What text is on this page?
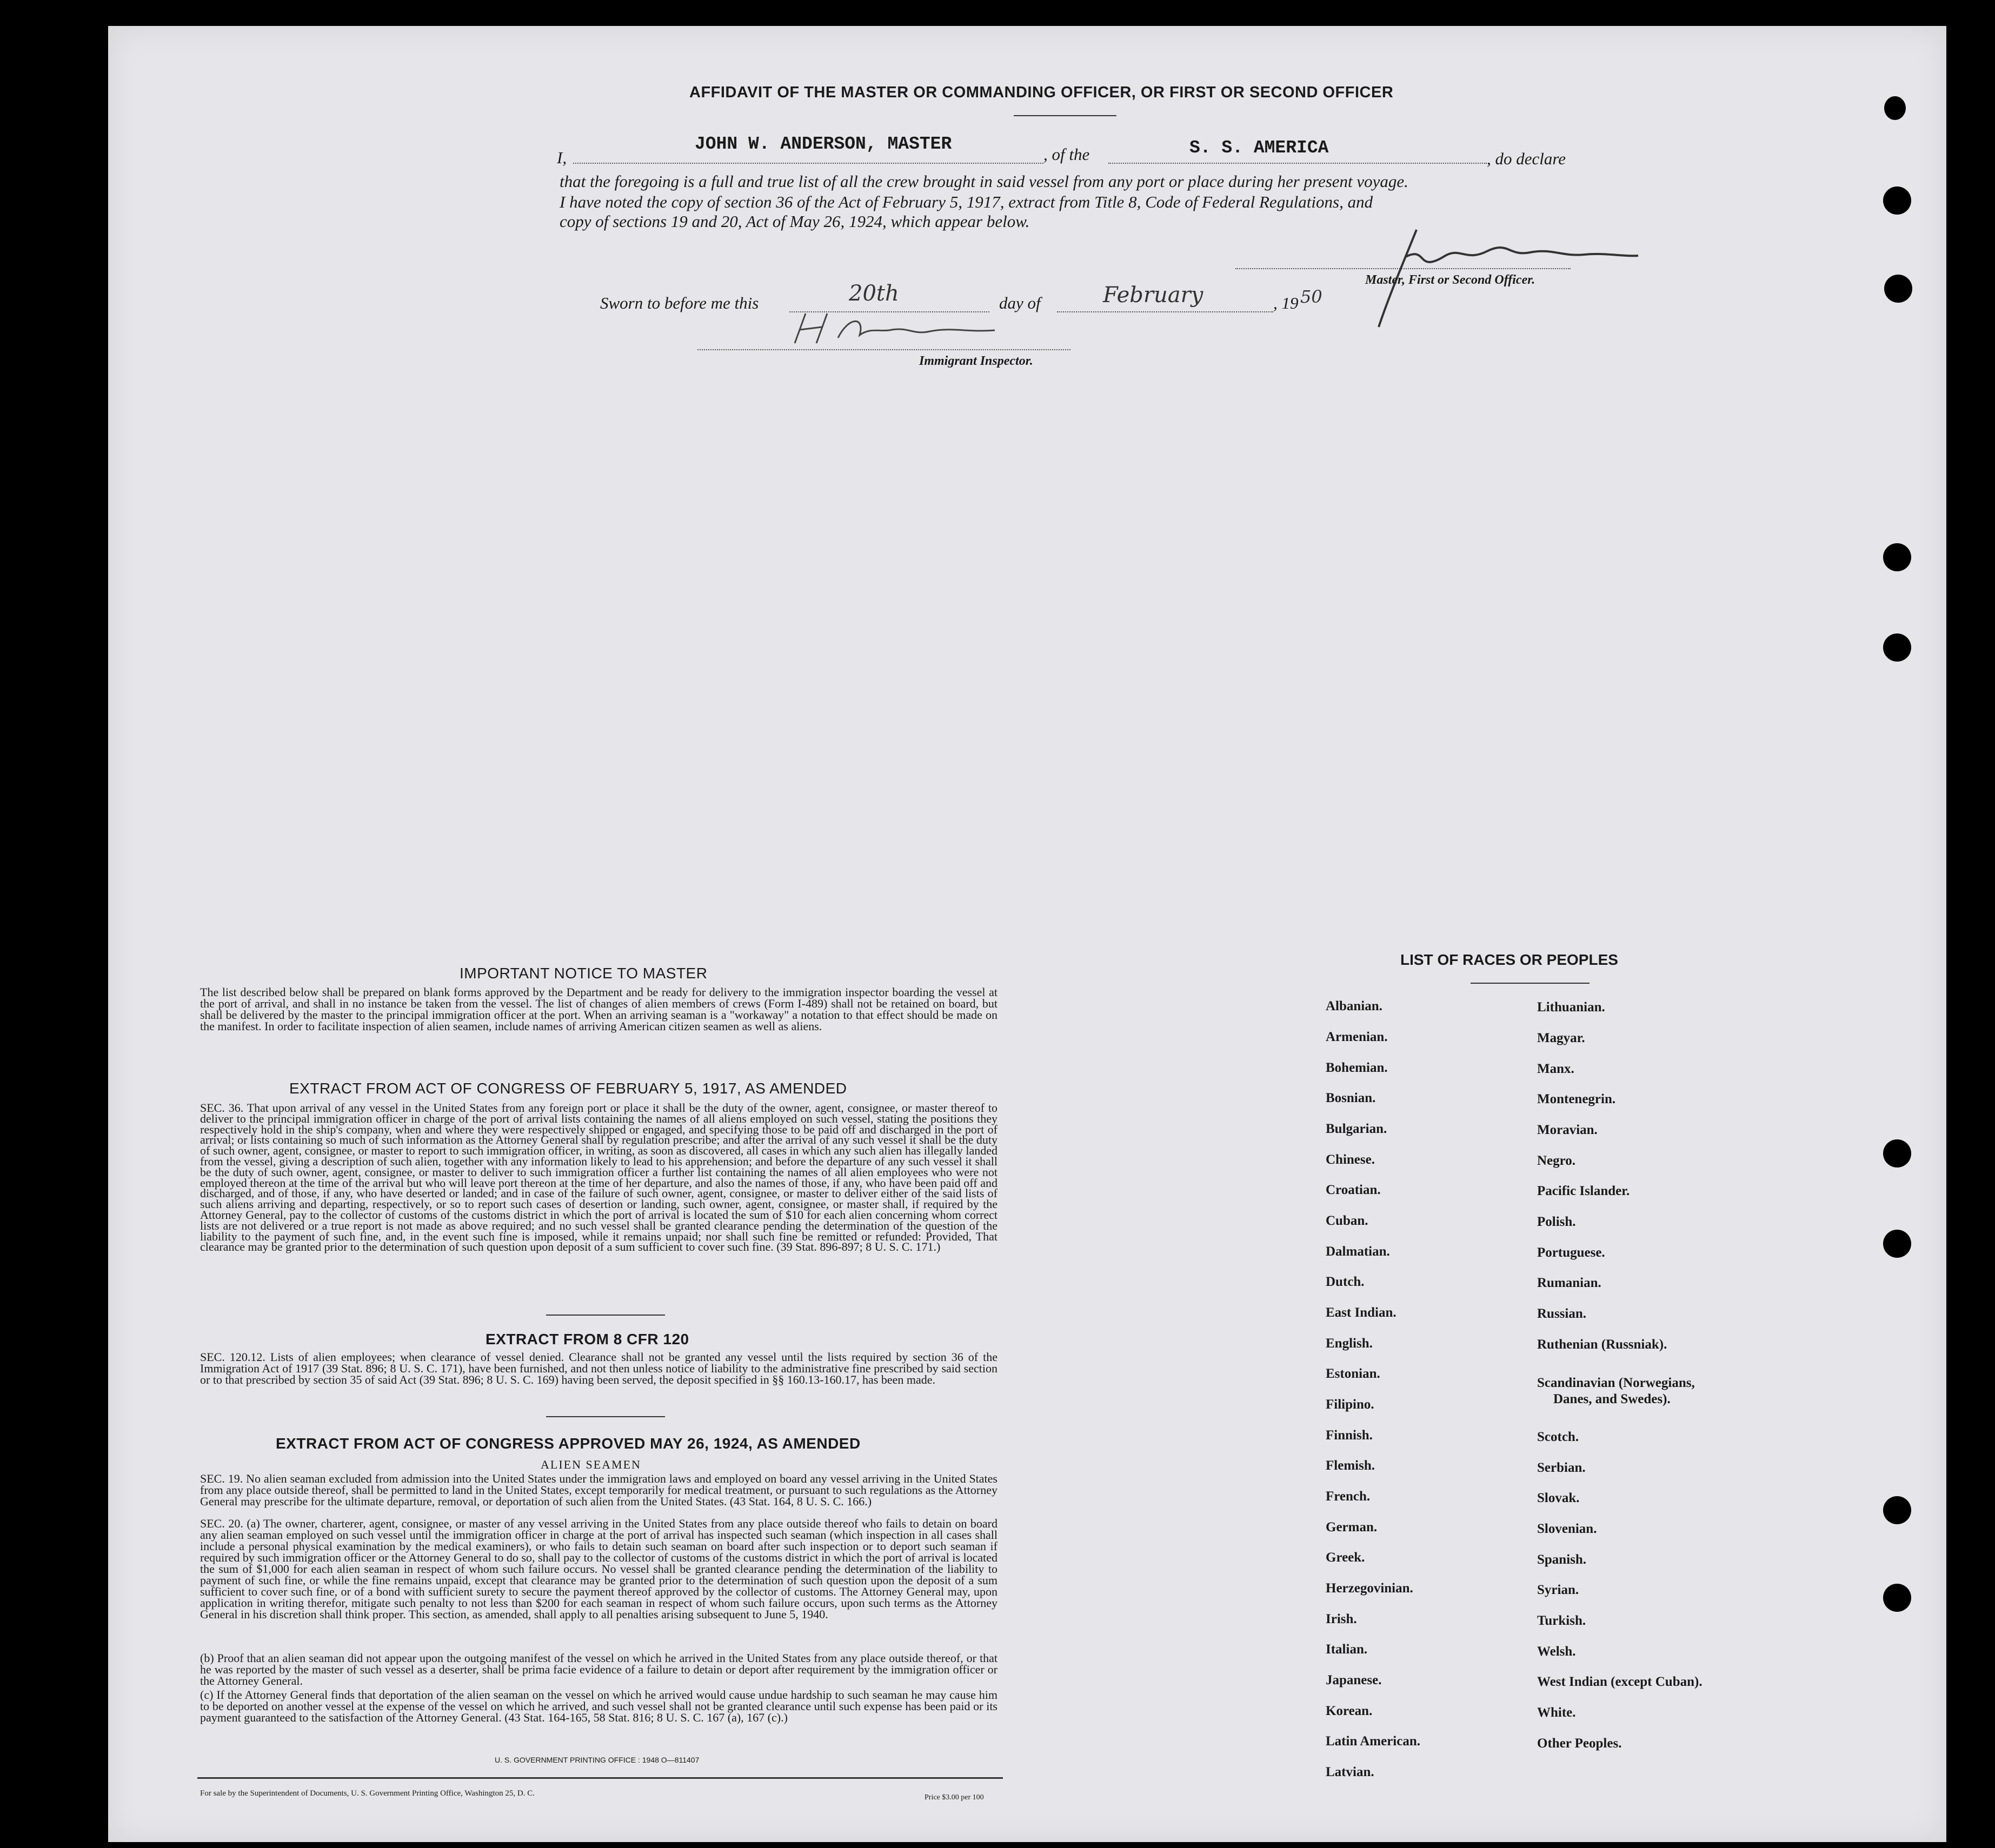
AFFIDAVIT OF THE MASTER OR COMMANDING OFFICER, OR FIRST OR SECOND OFFICER
I,
JOHN W. ANDERSON, MASTER
, of the	S. S. AMERICA
, do declare
that the foregoing is a full and true list of all the crew brought in said vessel from any port or place during her present voyage.
I have noted the copy of section 36 of the Act of February 5, 1917, extract from Title 8, Code of Federal Regulations, and
copy of sections 19 and 20, Act of May 26, 1924, which appear below.
Master, First or Second Officer.
Sworn to before me this	20th	day of	February	, 19 50
Immigrant Inspector.
IMPORTANT NOTICE TO MASTER
The list described below shall be prepared on blank forms approved by the Department and be ready for delivery to the immigration inspector boarding the vessel at the port of arrival, and shall in no instance be taken from the vessel. The list of changes of alien members of crews (Form I-489) shall not be retained on board, but shall be delivered by the master to the principal immigration officer at the port. When an arriving seaman is a "workaway" a notation to that effect should be made on the manifest. In order to facilitate inspection of alien seamen, include names of arriving American citizen seamen as well as aliens.
EXTRACT FROM ACT OF CONGRESS OF FEBRUARY 5, 1917, AS AMENDED
SEC. 36. That upon arrival of any vessel in the United States from any foreign port or place it shall be the duty of the owner, agent, consignee, or master thereof to deliver to the principal immigration officer in charge of the port of arrival lists containing the names of all aliens employed on such vessel, stating the positions they respectively hold in the ship's company, when and where they were respectively shipped or engaged, and specifying those to be paid off and discharged in the port of arrival; or lists containing so much of such information as the Attorney General shall by regulation prescribe; and after the arrival of any such vessel it shall be the duty of such owner, agent, consignee, or master to report to such immigration officer, in writing, as soon as discovered, all cases in which any such alien has illegally landed from the vessel, giving a description of such alien, together with any information likely to lead to his apprehension; and before the departure of any such vessel it shall be the duty of such owner, agent, consignee, or master to deliver to such immigration officer a further list containing the names of all alien employees who were not employed thereon at the time of the arrival but who will leave port thereon at the time of her departure, and also the names of those, if any, who have been paid off and discharged, and of those, if any, who have deserted or landed; and in case of the failure of such owner, agent, consignee, or master to deliver either of the said lists of such aliens arriving and departing, respectively, or so to report such cases of desertion or landing, such owner, agent, consignee, or master shall, if required by the Attorney General, pay to the collector of customs of the customs district in which the port of arrival is located the sum of $10 for each alien concerning whom correct lists are not delivered or a true report is not made as above required; and no such vessel shall be granted clearance pending the determination of the question of the liability to the payment of such fine, and, in the event such fine is imposed, while it remains unpaid; nor shall such fine be remitted or refunded: Provided, That clearance may be granted prior to the determination of such question upon deposit of a sum sufficient to cover such fine. (39 Stat. 896-897; 8 U. S. C. 171.)
EXTRACT FROM 8 CFR 120
SEC. 120.12. Lists of alien employees; when clearance of vessel denied. Clearance shall not be granted any vessel until the lists required by section 36 of the Immigration Act of 1917 (39 Stat. 896; 8 U. S. C. 171), have been furnished, and not then unless notice of liability to the administrative fine prescribed by said section or to that prescribed by section 35 of said Act (39 Stat. 896; 8 U. S. C. 169) having been served, the deposit specified in §§ 160.13-160.17, has been made.
EXTRACT FROM ACT OF CONGRESS APPROVED MAY 26, 1924, AS AMENDED
ALIEN SEAMEN
SEC. 19. No alien seaman excluded from admission into the United States under the immigration laws and employed on board any vessel arriving in the United States from any place outside thereof, shall be permitted to land in the United States, except temporarily for medical treatment, or pursuant to such regulations as the Attorney General may prescribe for the ultimate departure, removal, or deportation of such alien from the United States. (43 Stat. 164, 8 U. S. C. 166.)
SEC. 20. (a) The owner, charterer, agent, consignee, or master of any vessel arriving in the United States from any place outside thereof who fails to detain on board any alien seaman employed on such vessel until the immigration officer in charge at the port of arrival has inspected such seaman (which inspection in all cases shall include a personal physical examination by the medical examiners), or who fails to detain such seaman on board after such inspection or to deport such seaman if required by such immigration officer or the Attorney General to do so, shall pay to the collector of customs of the customs district in which the port of arrival is located the sum of $1,000 for each alien seaman in respect of whom such failure occurs. No vessel shall be granted clearance pending the determination of the liability to payment of such fine, or while the fine remains unpaid, except that clearance may be granted prior to the determination of such question upon the deposit of a sum sufficient to cover such fine, or of a bond with sufficient surety to secure the payment thereof approved by the collector of customs. The Attorney General may, upon application in writing therefor, mitigate such penalty to not less than $200 for each seaman in respect of whom such failure occurs, upon such terms as the Attorney General in his discretion shall think proper. This section, as amended, shall apply to all penalties arising subsequent to June 5, 1940.
(b) Proof that an alien seaman did not appear upon the outgoing manifest of the vessel on which he arrived in the United States from any place outside thereof, or that he was reported by the master of such vessel as a deserter, shall be prima facie evidence of a failure to detain or deport after requirement by the immigration officer or the Attorney General.
(c) If the Attorney General finds that deportation of the alien seaman on the vessel on which he arrived would cause undue hardship to such seaman he may cause him to be deported on another vessel at the expense of the vessel on which he arrived, and such vessel shall not be granted clearance until such expense has been paid or its payment guaranteed to the satisfaction of the Attorney General. (43 Stat. 164-165, 58 Stat. 816; 8 U. S. C. 167 (a), 167 (c).)
U. S. GOVERNMENT PRINTING OFFICE : 1948 O—811407
For sale by the Superintendent of Documents, U. S. Government Printing Office, Washington 25, D. C.	Price $3.00 per 100
LIST OF RACES OR PEOPLES
Albanian.
Armenian.
Bohemian.
Bosnian.
Bulgarian.
Chinese.
Croatian.
Cuban.
Dalmatian.
Dutch.
East Indian.
English.
Estonian.
Filipino.
Finnish.
Flemish.
French.
German.
Greek.
Herzegovinian.
Irish.
Italian.
Japanese.
Korean.
Latin American.
Latvian.
Lithuanian.
Magyar.
Manx.
Montenegrin.
Moravian.
Negro.
Pacific Islander.
Polish.
Portuguese.
Rumanian.
Russian.
Ruthenian (Russniak).
Scandinavian (Norwegians,
Danes, and Swedes).
Scotch.
Serbian.
Slovak.
Slovenian.
Spanish.
Syrian.
Turkish.
Welsh.
West Indian (except Cuban).
White.
Other Peoples.
